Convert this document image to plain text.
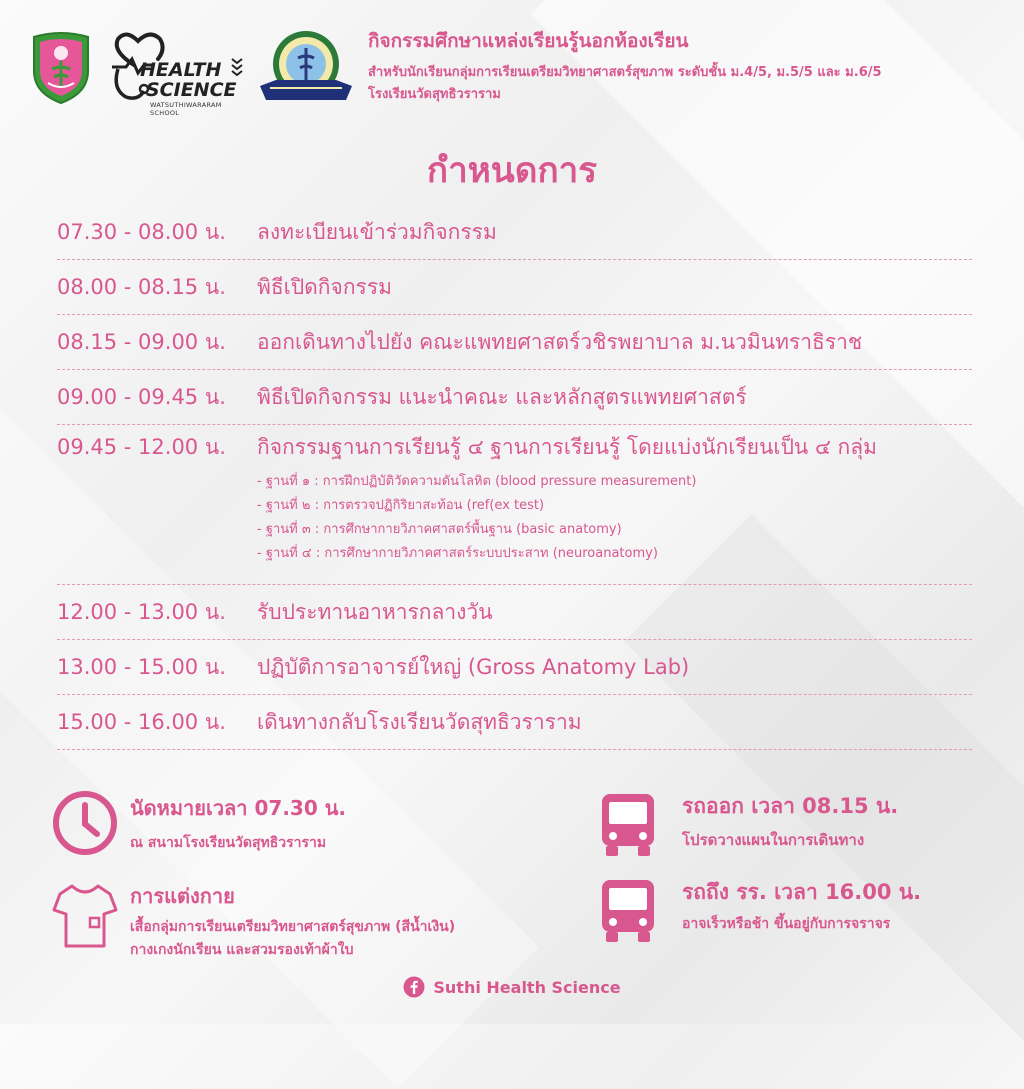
HEALTH
SCIENCE
WATSUTHIWARARAM SCHOOL
กิจกรรมศึกษาแหล่งเรียนรู้นอกห้องเรียน
สำหรับนักเรียนกลุ่มการเรียนเตรียมวิทยาศาสตร์สุขภาพ ระดับชั้น ม.4/5, ม.5/5 และ ม.6/5
โรงเรียนวัดสุทธิวราราม
กำหนดการ
07.30 - 08.00 น.	ลงทะเบียนเข้าร่วมกิจกรรม
08.00 - 08.15 น.	พิธีเปิดกิจกรรม
08.15 - 09.00 น.	ออกเดินทางไปยัง คณะแพทยศาสตร์วชิรพยาบาล ม.นวมินทราธิราช
09.00 - 09.45 น.	พิธีเปิดกิจกรรม แนะนำคณะ และหลักสูตรแพทยศาสตร์
09.45 - 12.00 น.	กิจกรรมฐานการเรียนรู้ ๔ ฐานการเรียนรู้ โดยแบ่งนักเรียนเป็น ๔ กลุ่ม
- ฐานที่ ๑ : การฝึกปฏิบัติวัดความดันโลหิต (blood pressure measurement)
- ฐานที่ ๒ : การตรวจปฏิกิริยาสะท้อน (ref(ex test)
- ฐานที่ ๓ : การศึกษากายวิภาคศาสตร์พื้นฐาน (basic anatomy)
- ฐานที่ ๔ : การศึกษากายวิภาคศาสตร์ระบบประสาท (neuroanatomy)
12.00 - 13.00 น.	รับประทานอาหารกลางวัน
13.00 - 15.00 น.	ปฏิบัติการอาจารย์ใหญ่ (Gross Anatomy Lab)
15.00 - 16.00 น.	เดินทางกลับโรงเรียนวัดสุทธิวราราม
นัดหมายเวลา 07.30 น.
ณ สนามโรงเรียนวัดสุทธิวราราม
การแต่งกาย
เสื้อกลุ่มการเรียนเตรียมวิทยาศาสตร์สุขภาพ (สีน้ำเงิน)
กางเกงนักเรียน และสวมรองเท้าผ้าใบ
รถออก เวลา 08.15 น.
โปรดวางแผนในการเดินทาง
รถถึง รร. เวลา 16.00 น.
อาจเร็วหรือช้า ขึ้นอยู่กับการจราจร
Suthi Health Science
